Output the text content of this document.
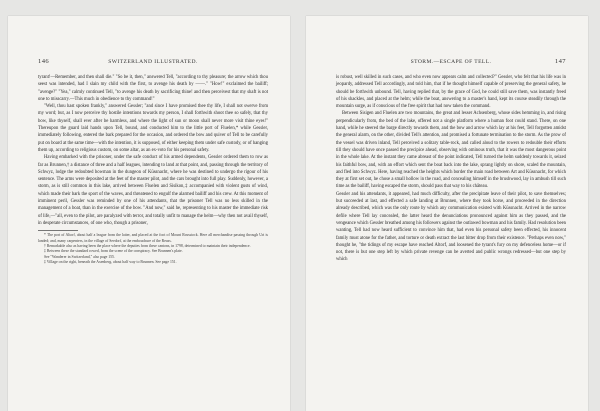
146	SWITZERLAND ILLUSTRATED.

tyrant!—Remember, and then shall die." "So be it, then," answered Tell, "according to thy pleasure; the arrow which thou seest was intended, had I slain my child with the first, to avenge his death by ——." "How!" exclaimed the bailiff; "avenge?" "Yea," calmly continued Tell, "to avenge his death by sacrificing thine! and then perceivest that my shaft is not one to misscarry.—This much in obedience to thy command!"

"Well, thou hast spoken frankly," answered Gessler; "and since I have promised thee thy life, I shall not swerve from my word; but, as I now perceive thy hostile intentions towards my person, I shall forthwith shoot thee so safely, that thy bow, like thyself, shall ever after be harmless, and where the light of sun or moon shall never more visit thine eyes!" Thereupon the guard laid hands upon Tell, bound, and conducted him to the little port of Fluelen,* while Gessler, immediately following, entered the bark prepared for the occasion, and ordered the bow and quiver of Tell to be carefully put on board at the same time—with the intention, it is supposed, of either keeping them under safe custody, or of hanging them up, according to religious custom, on some altar, as an ex-voto for his personal safety.

Having embarked with the prisoner, under the safe conduct of his armed dependents, Gessler ordered them to row as far as Brunnen,† a distance of three and a half leagues, intending to land at that point, and, passing through the territory of Schwyz, lodge the redoubted bowman in the dungeon of Küssnacht, where he was destined to undergo the rigour of his sentence. The arms were deposited at the feet of the master pilot, and the cars brought into full play. Suddenly, however, a storm, as is still common in this lake, arrived between Fluelen and Sisikon,‡ accompanied with violent gusts of wind, which made their bark the sport of the waves, and threatened to engulf the alarmed bailiff and his crew. At this moment of imminent peril, Gessler was reminded by one of his attendants, that the prisoner Tell was no less skilled in the management of a boat, than in the exercise of the bow. "And now," said he, representing to his master the immediate risk of life,—"all, even to the pilot, are paralyzed with terror, and totally unfit to manage the helm—why then not avail thyself, in desperate circumstances, of one who, though a prisoner,

* The port of Altorf, about half a league from the latter, and placed at the foot of Mount Rossstock. Here all merchandise passing through Uri is landed; and, many carpenters, in the village of Seedorf, at the embouchure of the Reuss.

† Remarkable also as having been the place where the deputies from these cantons, in 1798, determined to maintain their independence.

‡ Between these the standard rowed, from the scene of the conspiracy. See Brunnen's plate.

See "Wanderer in Switzerland," also page 155.

‡ Village on the right, beneath the Axenberg, about half way to Brunnen. See page 151.

STORM.—ESCAPE OF TELL.	147

is robust, well skilled in such cases, and who even now appears calm and collected?" Gessler, who felt that his life was in jeopardy, addressed Tell accordingly, and told him, that if he thought himself capable of preserving the general safety, he should be forthwith unbound. Tell, having replied that, by the grace of God, he could still save them, was instantly freed of his shackles, and placed at the helm; while the boat, answering to a master's hand, kept its course steadily through the mountain surge, as if conscious of the free spirit that had now taken the command.

Between Sisigen and Fluelen are two mountains, the great and lesser Achsenberg, whose sides hemming in, and rising perpendicularly from, the bed of the lake, offered not a single platform where a human foot could stand. There, on one hand, while he steered the barge directly towards them, and the bow and arrow which lay at his feet, Tell forgotten amidst the general alarm, on the other, divided Tell's attention, and promised a fortunate termination to the storm. As the prow of the vessel was driven inland, Tell perceived a solitary table-rock, and called aloud to the rowers to redouble their efforts till they should have once passed the precipice ahead, observing with ominous truth, that it was the most dangerous point in the whole lake. At the instant they came abreast of the point indicated, Tell turned the helm suddenly towards it, seized his faithful bow, and, with an effort which sent the boat back into the lake, sprang lightly on shore, scaled the mountain, and fled into Schwyz. Here, having reached the heights which border the main road between Art and Küssnacht, for which they at first set out, he chose a small hollow in the road, and concealing himself in the brushwood, lay in ambush till such time as the bailiff, having escaped the storm, should pass that way to his château.

Gessler and his attendants, it appeared, had much difficulty, after the precipitate leave of their pilot, to save themselves; but succeeded at last, and effected a safe landing at Brunnen, where they took horse, and proceeded in the direction already described, which was the only route by which any communication existed with Küssnacht. Arrived in the narrow defile where Tell lay concealed, the latter heard the denunciations pronounced against him as they passed, and the vengeance which Gessler breathed among his followers against the outlawed bowman and his family. Had resolution been wanting, Tell had now heard sufficient to convince him that, had even his personal safety been effected, his innocent family must atone for the father, and torture or death extract the last bitter drop from their existence. "Perhaps even now," thought he, "the tidings of my escape have reached Altorf, and loosened the tyrant's fury on my defenceless home—or if not, there is but one step left by which private revenge can be averted and public wrongs redressed—but one step by which
